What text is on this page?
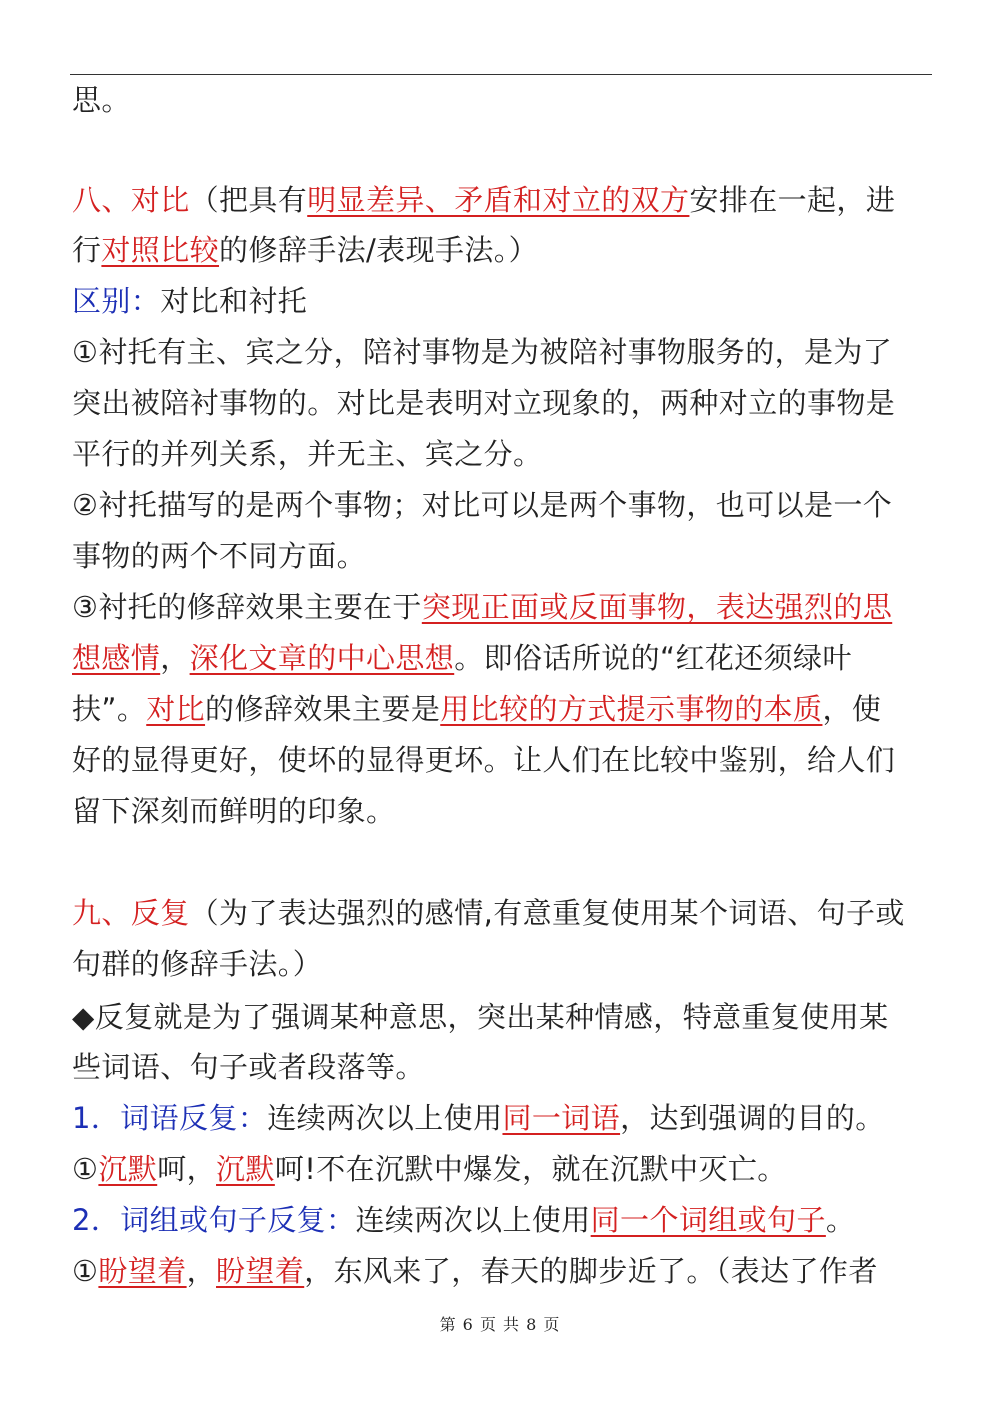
思。
八、对比（把具有明显差异、矛盾和对立的双方安排在一起，进
行对照比较的修辞手法/表现手法。）
区别：对比和衬托
①衬托有主、宾之分，陪衬事物是为被陪衬事物服务的，是为了
突出被陪衬事物的。对比是表明对立现象的，两种对立的事物是
平行的并列关系，并无主、宾之分。
②衬托描写的是两个事物；对比可以是两个事物，也可以是一个
事物的两个不同方面。
③衬托的修辞效果主要在于突现正面或反面事物，表达强烈的思
想感情，深化文章的中心思想。即俗话所说的“红花还须绿叶
扶”。对比的修辞效果主要是用比较的方式提示事物的本质，使
好的显得更好，使坏的显得更坏。让人们在比较中鉴别，给人们
留下深刻而鲜明的印象。
九、反复（为了表达强烈的感情,有意重复使用某个词语、句子或
句群的修辞手法。）
◆反复就是为了强调某种意思，突出某种情感，特意重复使用某
些词语、句子或者段落等。
1．词语反复：连续两次以上使用同一词语，达到强调的目的。
①沉默呵，沉默呵!不在沉默中爆发，就在沉默中灭亡。
2．词组或句子反复：连续两次以上使用同一个词组或句子。
①盼望着，盼望着，东风来了，春天的脚步近了。（表达了作者
第 6 页 共 8 页
